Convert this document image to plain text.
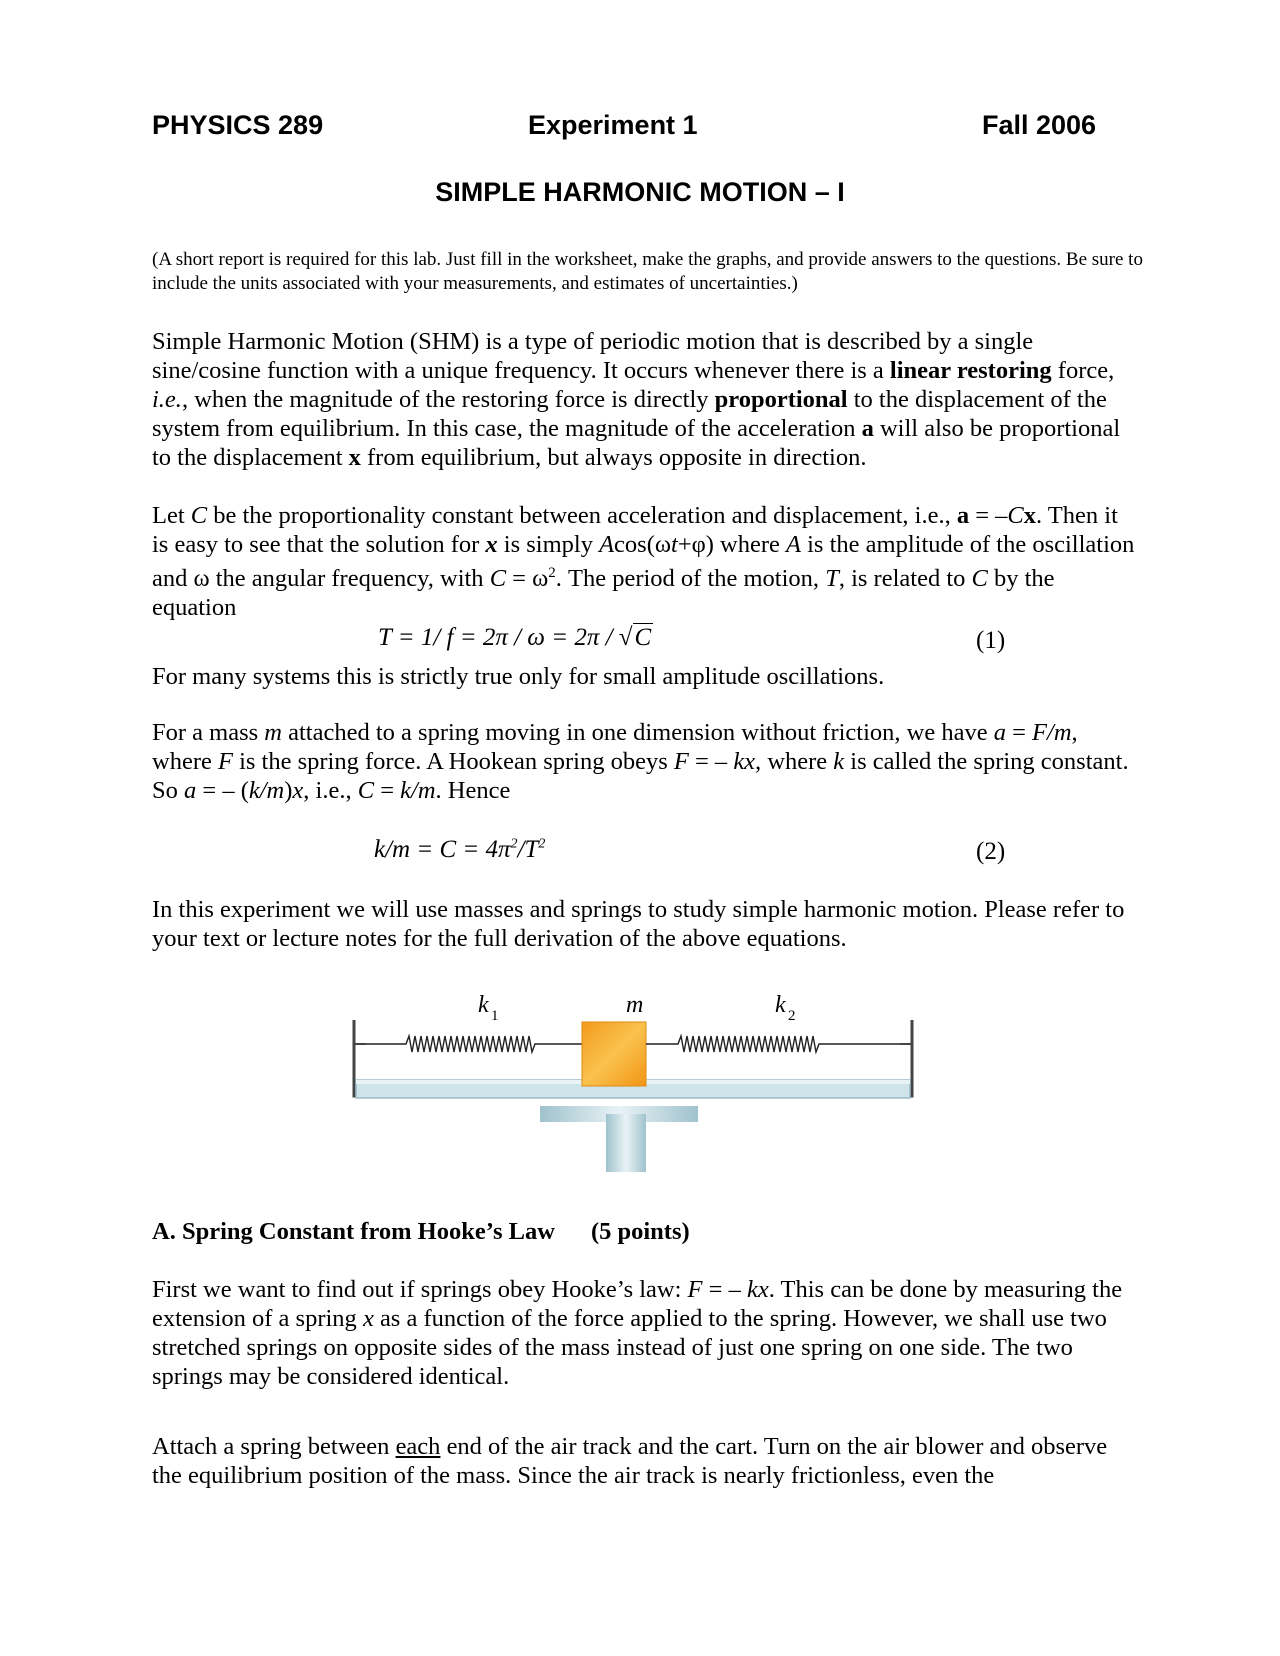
PHYSICS 289	Experiment 1	Fall 2006
SIMPLE HARMONIC MOTION – I
(A short report is required for this lab. Just fill in the worksheet, make the graphs, and provide answers to the questions. Be sure to include the units associated with your measurements, and estimates of uncertainties.)
Simple Harmonic Motion (SHM) is a type of periodic motion that is described by a single sine/cosine function with a unique frequency. It occurs whenever there is a linear restoring force, i.e., when the magnitude of the restoring force is directly proportional to the displacement of the system from equilibrium. In this case, the magnitude of the acceleration a will also be proportional to the displacement x from equilibrium, but always opposite in direction.
Let C be the proportionality constant between acceleration and displacement, i.e., a = –Cx. Then it is easy to see that the solution for x is simply Acos(ωt+φ) where A is the amplitude of the oscillation and ω the angular frequency, with $C = \omega^2$. The period of the motion, T, is related to C by the equation
T = 1/ f = 2π / ω = 2π / √C	(1)
For many systems this is strictly true only for small amplitude oscillations.
For a mass m attached to a spring moving in one dimension without friction, we have a = F/m, where F is the spring force. A Hookean spring obeys F = – kx, where k is called the spring constant. So a = – (k/m)x, i.e., C = k/m. Hence
$k/m = C = 4\pi^2/T^2$	(2)
In this experiment we will use masses and springs to study simple harmonic motion. Please refer to your text or lecture notes for the full derivation of the above equations.
k 1	m	k 2
A. Spring Constant from Hooke’s Law (5 points)
First we want to find out if springs obey Hooke’s law: F = – kx. This can be done by measuring the extension of a spring x as a function of the force applied to the spring. However, we shall use two stretched springs on opposite sides of the mass instead of just one spring on one side. The two springs may be considered identical.
Attach a spring between each end of the air track and the cart. Turn on the air blower and observe the equilibrium position of the mass. Since the air track is nearly frictionless, even the
